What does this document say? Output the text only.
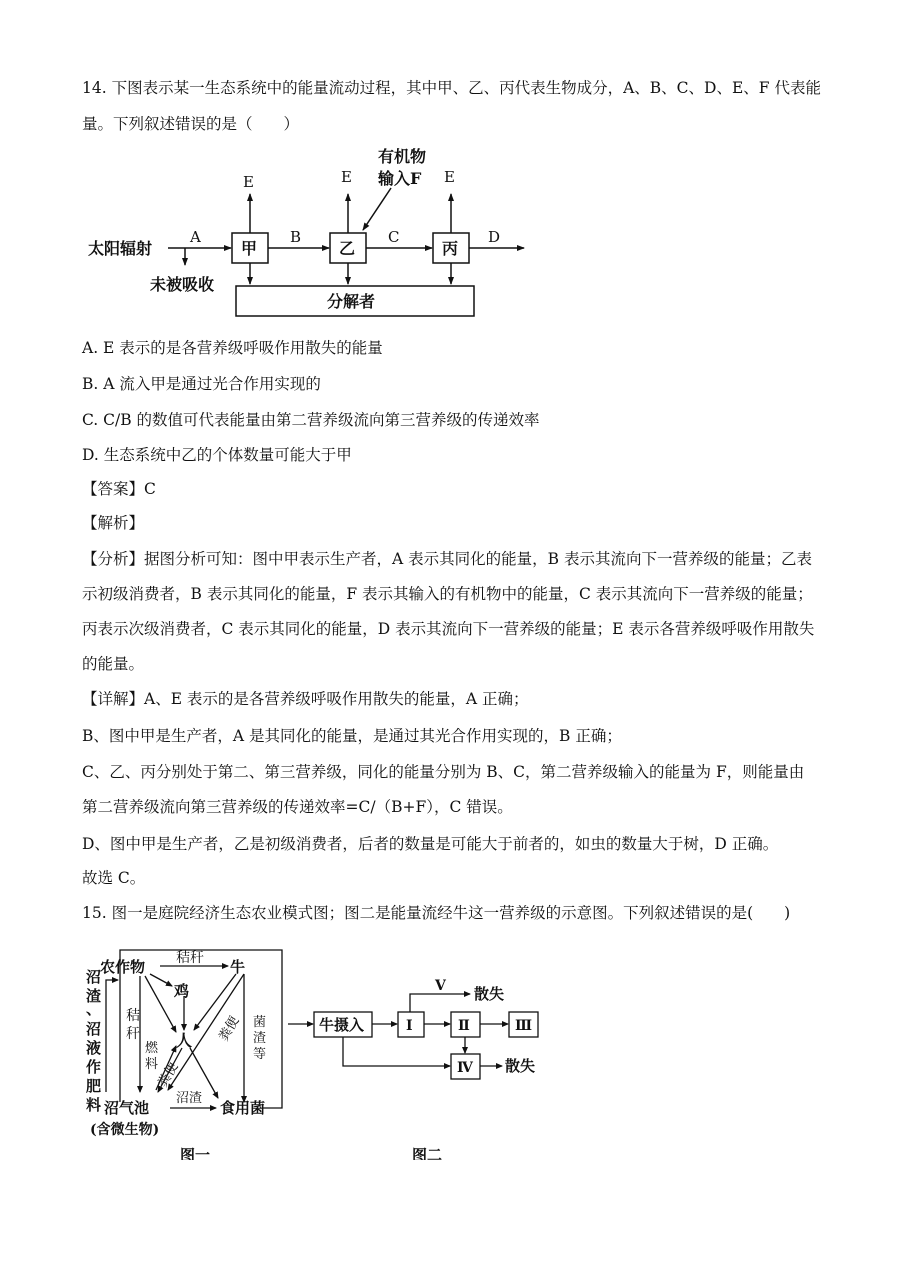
14. 下图表示某一生态系统中的能量流动过程，其中甲、乙、丙代表生物成分，A、B、C、D、E、F 代表能
量。下列叙述错误的是（　　）
太阳辐射
未被吸收
甲	乙	丙
分解者
A	B	C	D
E	E	E
有机物
输入F
A. E 表示的是各营养级呼吸作用散失的能量
B. A 流入甲是通过光合作用实现的
C. C/B 的数值可代表能量由第二营养级流向第三营养级的传递效率
D. 生态系统中乙的个体数量可能大于甲
【答案】C
【解析】
【分析】据图分析可知：图中甲表示生产者，A 表示其同化的能量，B 表示其流向下一营养级的能量；乙表
示初级消费者，B 表示其同化的能量，F 表示其输入的有机物中的能量，C 表示其流向下一营养级的能量；
丙表示次级消费者，C 表示其同化的能量，D 表示其流向下一营养级的能量；E 表示各营养级呼吸作用散失
的能量。
【详解】A、E 表示的是各营养级呼吸作用散失的能量，A 正确；
B、图中甲是生产者，A 是其同化的能量，是通过其光合作用实现的，B 正确；
C、乙、丙分别处于第二、第三营养级，同化的能量分别为 B、C，第二营养级输入的能量为 F，则能量由
第二营养级流向第三营养级的传递效率=C/（B+F），C 错误。
D、图中甲是生产者，乙是初级消费者，后者的数量是可能大于前者的，如虫的数量大于树，D 正确。
故选 C。
15. 图一是庭院经济生态农业模式图；图二是能量流经牛这一营养级的示意图。下列叙述错误的是(　　)
农作物 秸秆 牛
鸡
人
秸
秆
燃
料
粪便
粪便 菌
渣
等
沼气池
(含微生物)
沼渣
食用菌
沼
渣
、
沼
液
作
肥
料
图一
牛摄入	Ⅰ	Ⅱ	Ⅲ
Ⅳ
Ⅴ 散失
散失
图二
